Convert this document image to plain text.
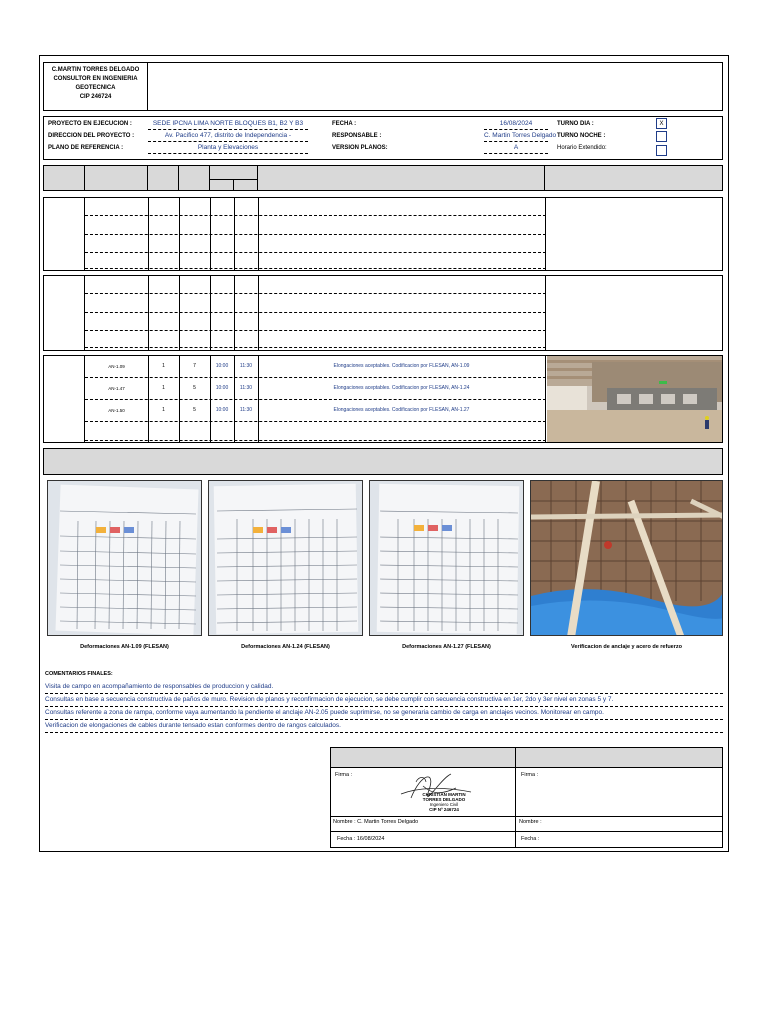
C.MARTIN TORRES DELGADO
CONSULTOR EN INGENIERIA
GEOTECNICA
CIP 246724
PROYECTO EN EJECUCION :	SEDE IPCNA LIMA NORTE BLOQUES B1, B2 Y B3
DIRECCION DEL PROYECTO :	Av. Pacifico 477, distrito de Independencia -
PLANO DE REFERENCIA :	Planta y Elevaciones
FECHA :	16/08/2024
RESPONSABLE :	C. Martin Torres Delgado
VERSION PLANOS:	A
TURNO DIA :	X
TURNO NOCHE :
Horario Extendido:
AN-1.09	1	7	10:00	11:30	Elongaciones aceptables. Codificacion por FLESAN, AN-1.09
AN-1.47	1	5	10:00	11:30	Elongaciones aceptables. Codificacion por FLESAN, AN-1.24
AN-1.50	1	5	10:00	11:30	Elongaciones aceptables. Codificacion por FLESAN, AN-1.27
Deformaciones AN-1.09 (FLESAN)	Deformaciones AN-1.24 (FLESAN)	Deformaciones AN-1.27 (FLESAN)	Verificacion de anclaje y acero de refuerzo
COMENTARIOS FINALES:
Visita de campo en acompañamiento de responsables de produccion y calidad.
Consultas en base a secuencia constructiva de paños de muro. Revision de planos y reconfirmacion de ejecucion, se debe cumplir con secuencia constructiva en 1er, 2do y 3er nivel en zonas 5 y 7.
Consultas referente a zona de rampa, conforme vaya aumentando la pendiente el anclaje AN-2.05 puede suprimirse, no se generaria cambio de carga en anclajes vecinos. Monitorear en campo.
Verificacion de elongaciones de cables durante tensado estan conformes dentro de rangos calculados.
Firma :	Firma :
CHRISTIAN MARTIN
TORRES DELGADO
Ingeniero Civil
CIP Nº 246724
Nombre : C. Martin Torres Delgado	Nombre :
Fecha : 16/08/2024	Fecha :
